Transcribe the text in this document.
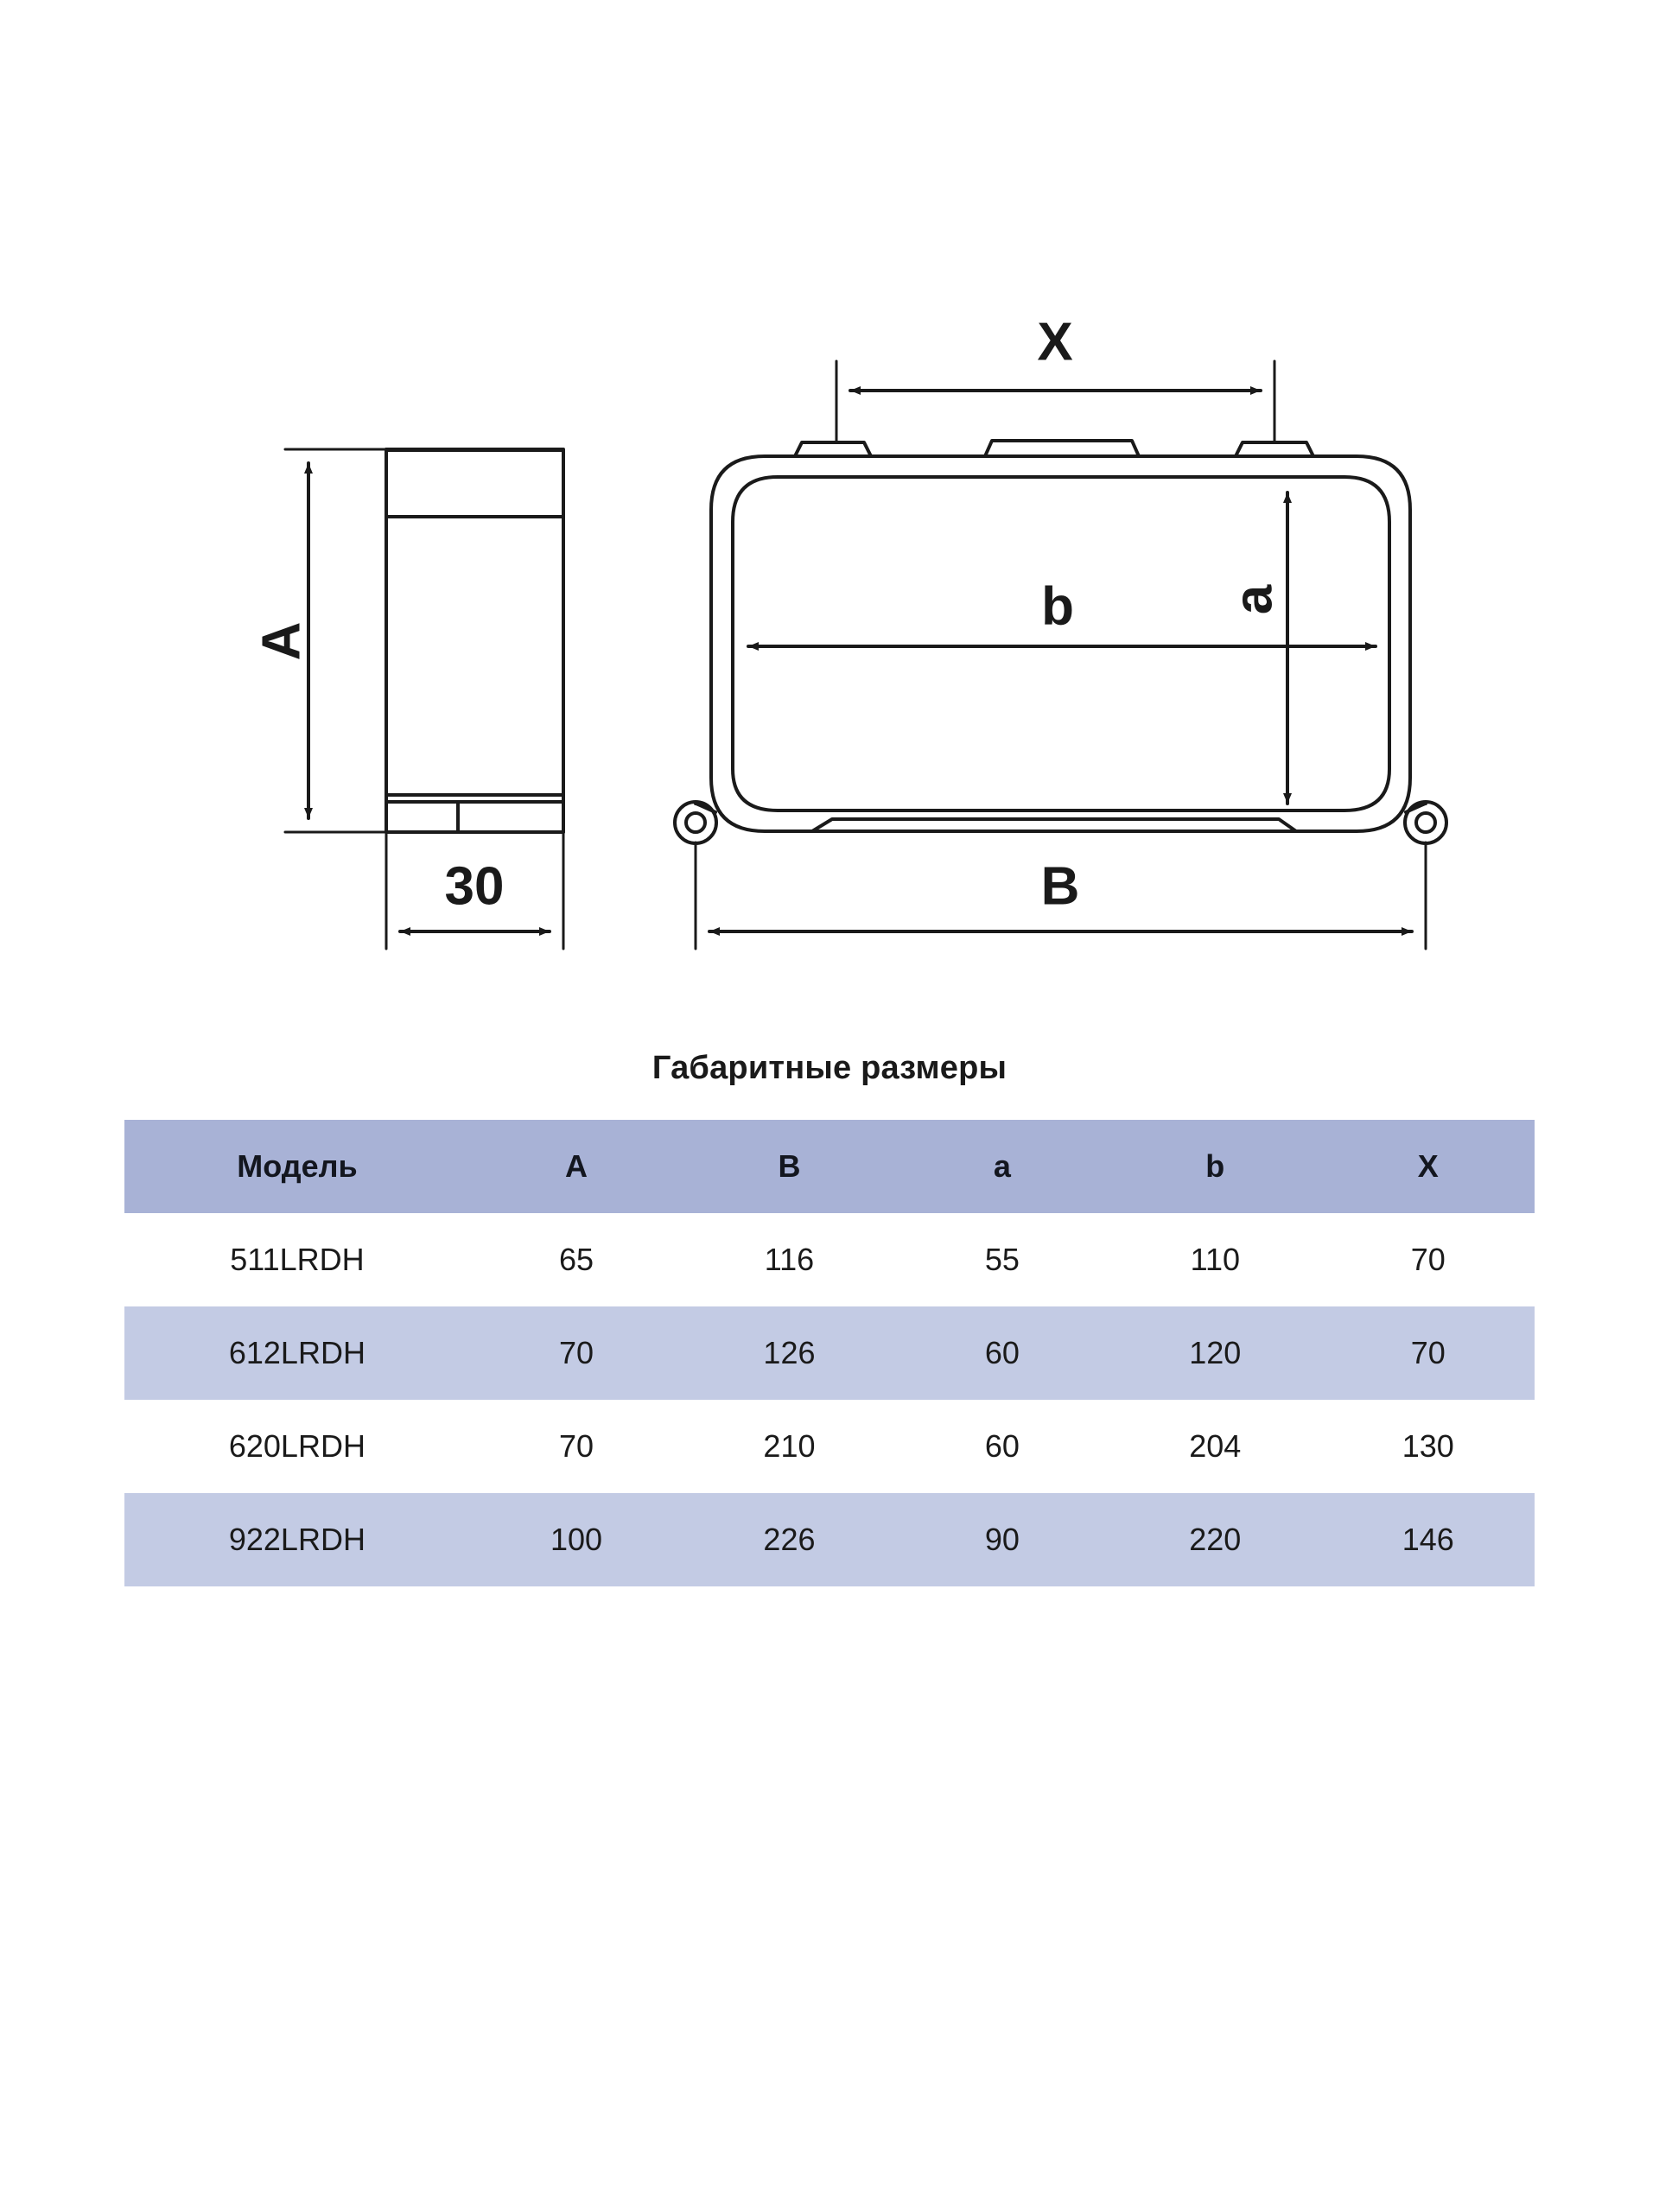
A
30
X
b	a
B
Габаритные размеры
Модель	A	B	a	b	X
511LRDH	65	116	55	110	70
612LRDH	70	126	60	120	70
620LRDH	70	210	60	204	130
922LRDH	100	226	90	220	146
